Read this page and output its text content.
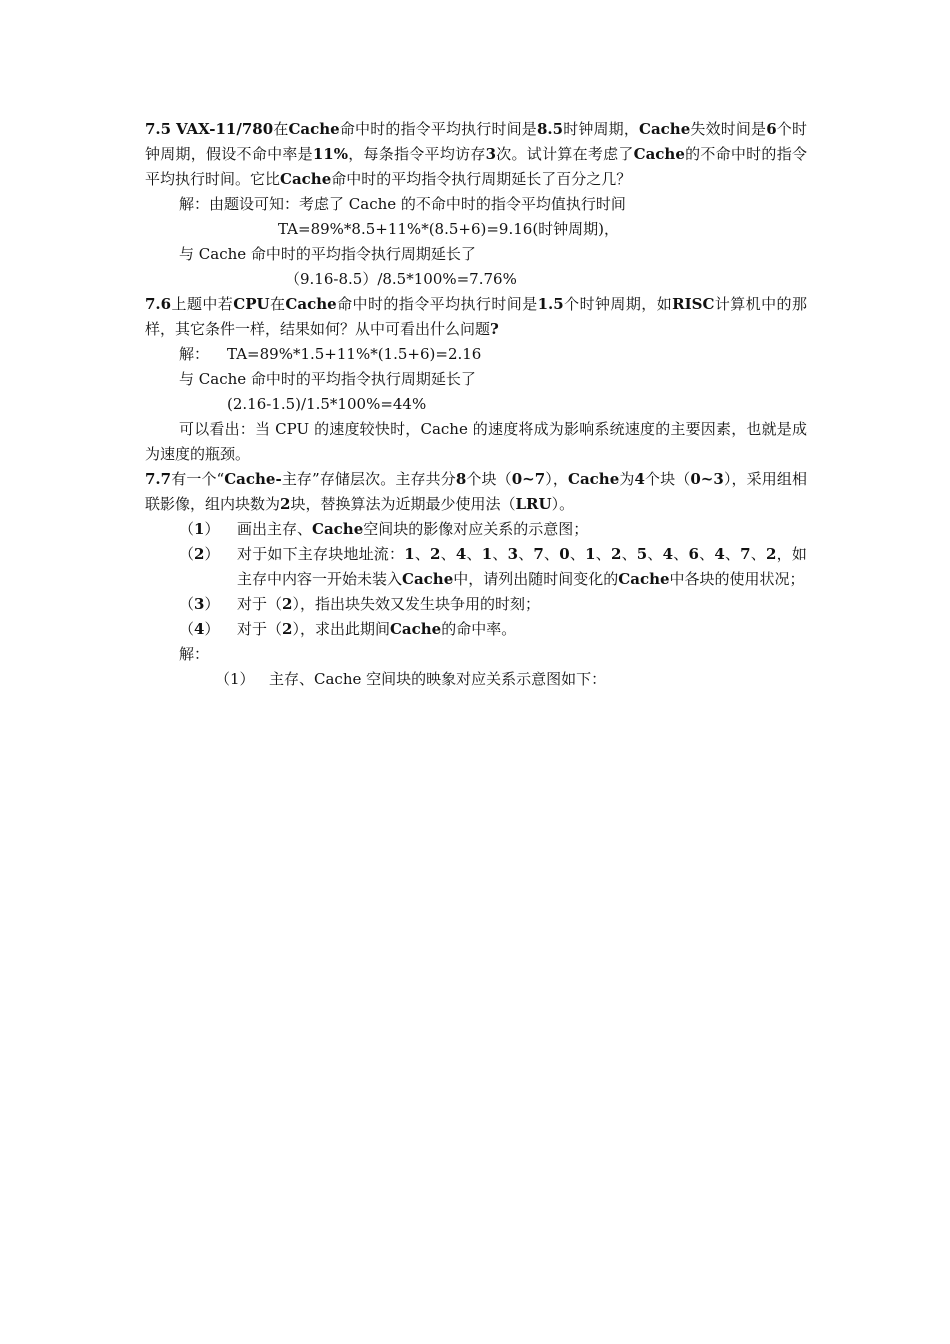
7.5 VAX-11/780在Cache命中时的指令平均执行时间是8.5时钟周期，Cache失效时间是6个时钟周期，假设不命中率是11%，每条指令平均访存3次。试计算在考虑了Cache的不命中时的指令平均执行时间。它比Cache命中时的平均指令执行周期延长了百分之几？

解：由题设可知：考虑了 Cache 的不命中时的指令平均值执行时间

TA=89%*8.5+11%*(8.5+6)=9.16(时钟周期)，

与 Cache 命中时的平均指令执行周期延长了

（9.16-8.5）/8.5*100%=7.76%

7.6上题中若CPU在Cache命中时的指令平均执行时间是1.5个时钟周期，如RISC计算机中的那样，其它条件一样，结果如何？从中可看出什么问题?

解： TA=89%*1.5+11%*(1.5+6)=2.16

与 Cache 命中时的平均指令执行周期延长了

(2.16-1.5)/1.5*100%=44%

可以看出：当 CPU 的速度较快时，Cache 的速度将成为影响系统速度的主要因素，也就是成为速度的瓶颈。

7.7有一个“Cache-主存”存储层次。主存共分8个块（0~7），Cache为4个块（0~3），采用组相联影像，组内块数为2块，替换算法为近期最少使用法（LRU）。

（1）	画出主存、Cache空间块的影像对应关系的示意图；
（2）	对于如下主存块地址流：1、2、4、1、3、7、0、1、2、5、4、6、4、7、2，如主存中内容一开始未装入Cache中，请列出随时间变化的Cache中各块的使用状况；
（3）	对于（2），指出块失效又发生块争用的时刻；
（4）	对于（2），求出此期间Cache的命中率。

解：

（1） 主存、Cache 空间块的映象对应关系示意图如下：
